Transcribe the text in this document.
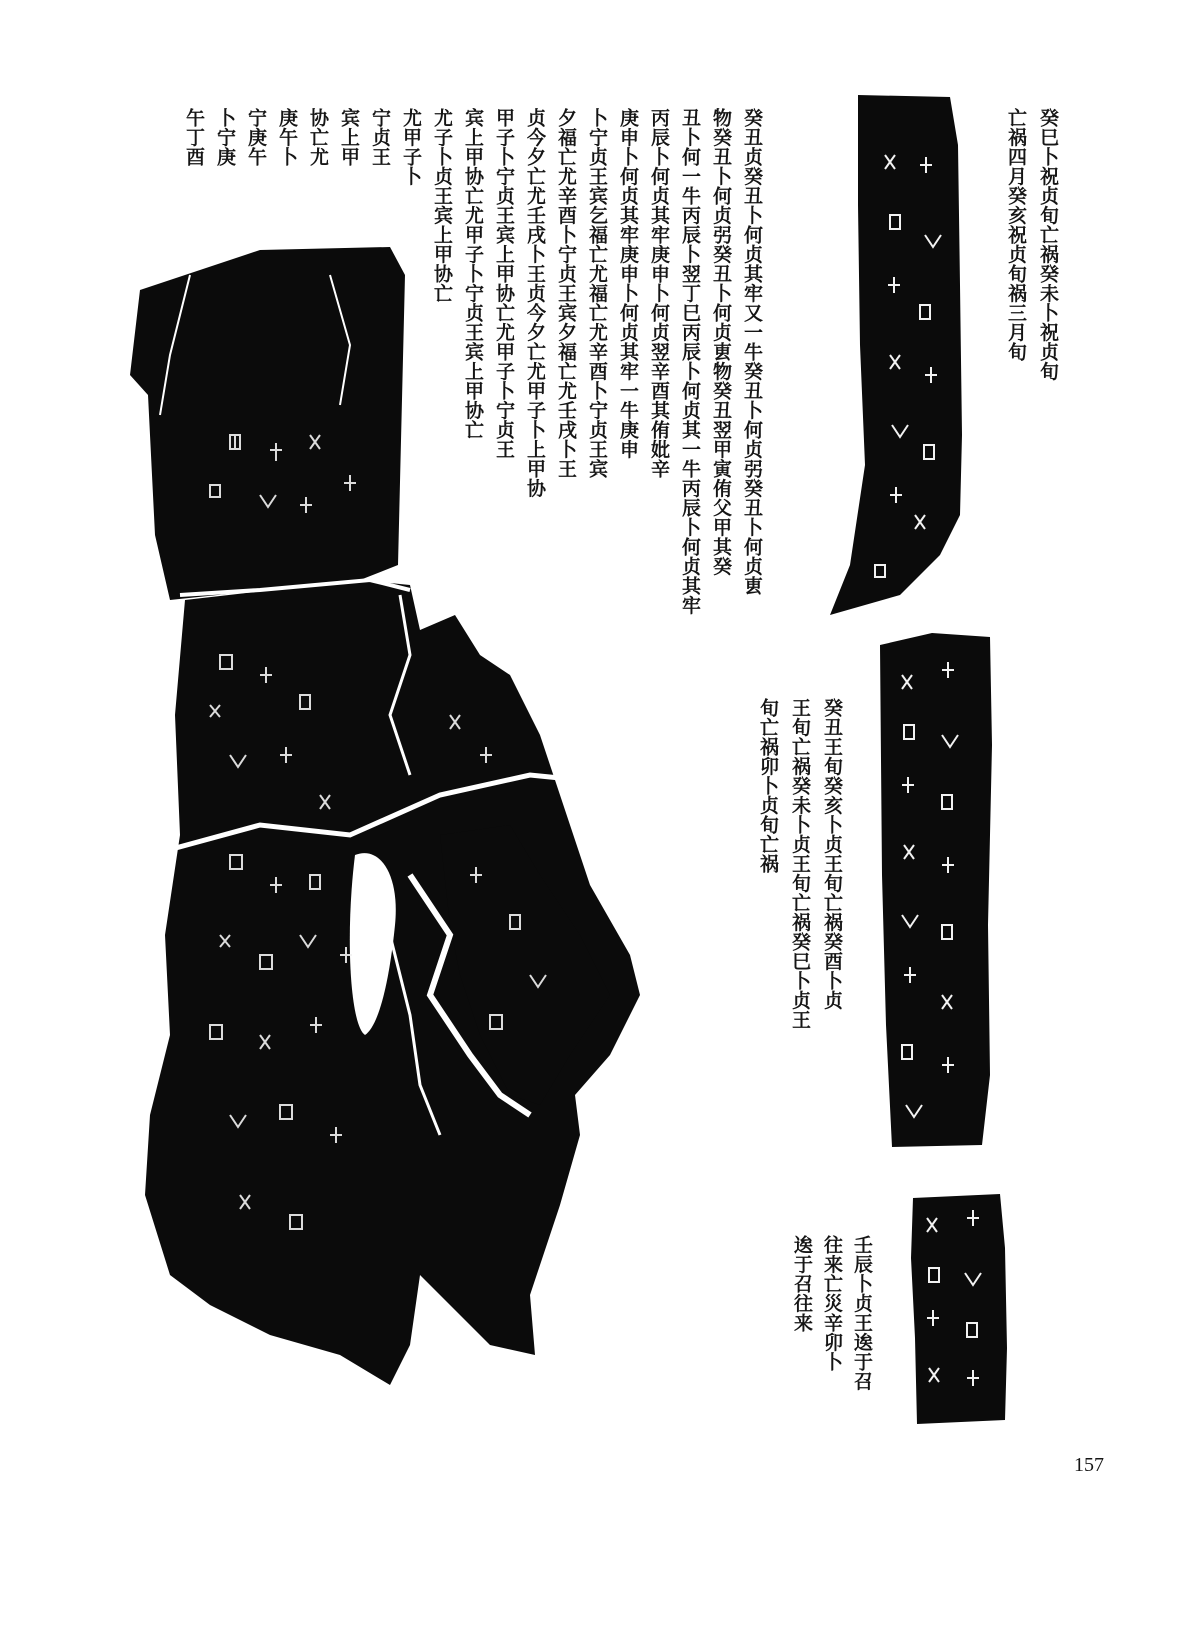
癸丑贞癸丑卜何贞其牢又一牛癸丑卜何贞弜癸丑卜何贞叀
物癸丑卜何贞弜癸丑卜何贞叀物癸丑翌甲寅侑父甲其癸
丑卜何一牛丙辰卜翌丁巳丙辰卜何贞其一牛丙辰卜何贞其牢
丙辰卜何贞其牢庚申卜何贞翌辛酉其侑妣辛
庚申卜何贞其牢庚申卜何贞其牢一牛庚申
卜宁贞王宾乞福亡尤福亡尤辛酉卜宁贞王宾
夕福亡尤辛酉卜宁贞王宾夕福亡尤壬戌卜王
贞今夕亡尤壬戌卜王贞今夕亡尤甲子卜上甲协
甲子卜宁贞王宾上甲协亡尤甲子卜宁贞王
宾上甲协亡尤甲子卜宁贞王宾上甲协亡
尤子卜贞王宾上甲协亡
尤甲子卜
宁贞王
宾上甲
协亡尤
庚午卜
宁庚午
卜宁庚
午丁酉	癸巳卜祝贞旬亡祸癸未卜祝贞旬
亡祸四月癸亥祝贞旬祸三月旬
癸丑王旬癸亥卜贞王旬亡祸癸酉卜贞
王旬亡祸癸未卜贞王旬亡祸癸巳卜贞王
旬亡祸卯卜贞旬亡祸
壬辰卜贞王逘于召
往来亡災辛卯卜
逘于召往来
157
